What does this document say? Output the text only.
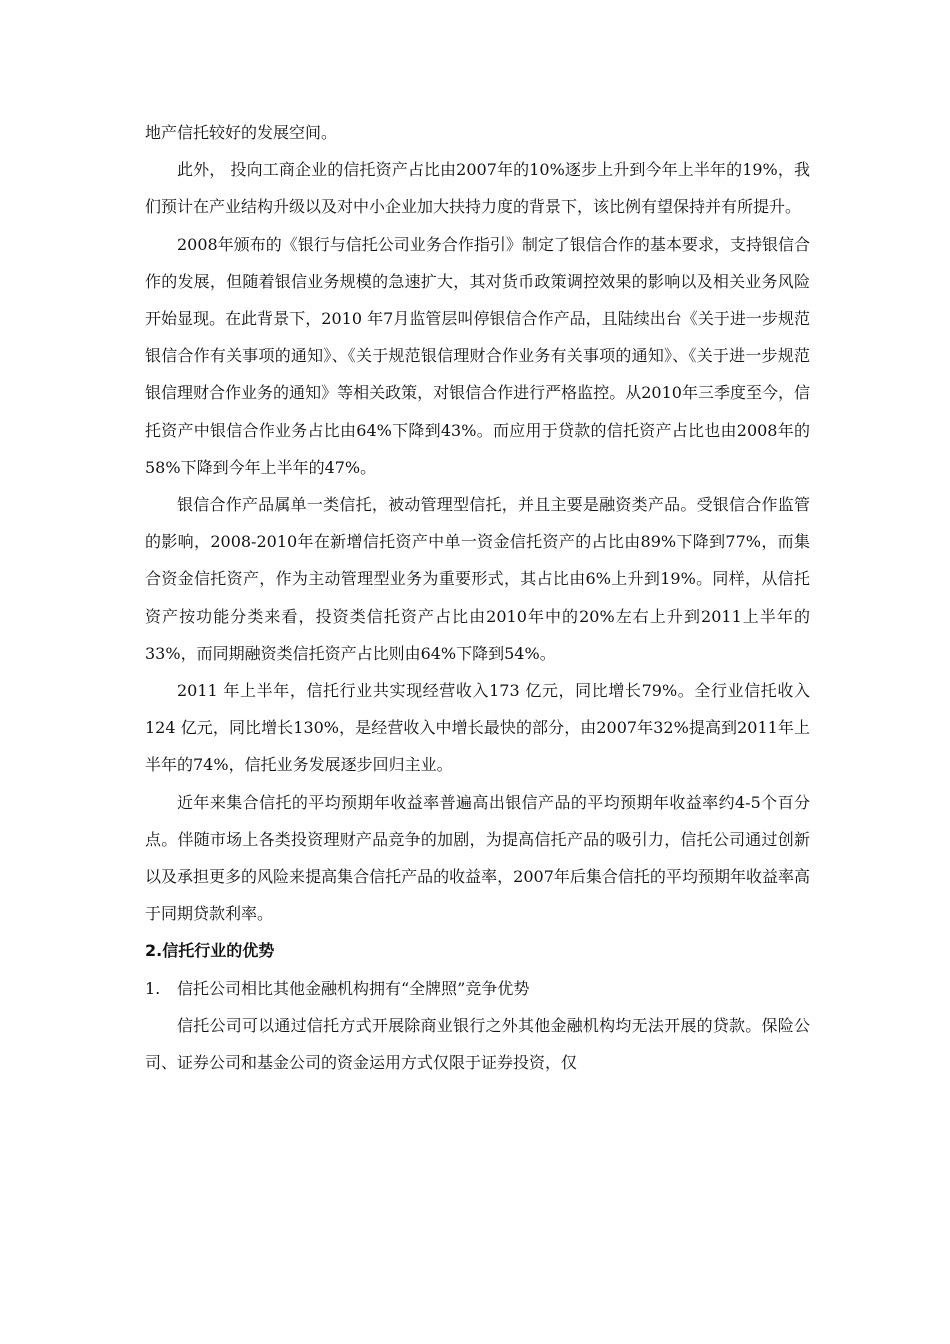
地产信托较好的发展空间。

此外， 投向工商企业的信托资产占比由2007年的10%逐步上升到今年上半年的19%，我们预计在产业结构升级以及对中小企业加大扶持力度的背景下，该比例有望保持并有所提升。

2008年颁布的《银行与信托公司业务合作指引》制定了银信合作的基本要求，支持银信合作的发展，但随着银信业务规模的急速扩大，其对货币政策调控效果的影响以及相关业务风险开始显现。在此背景下，2010 年7月监管层叫停银信合作产品，且陆续出台《关于进一步规范银信合作有关事项的通知》、《关于规范银信理财合作业务有关事项的通知》、《关于进一步规范银信理财合作业务的通知》等相关政策，对银信合作进行严格监控。从2010年三季度至今，信托资产中银信合作业务占比由64%下降到43%。而应用于贷款的信托资产占比也由2008年的58%下降到今年上半年的47%。

银信合作产品属单一类信托，被动管理型信托，并且主要是融资类产品。受银信合作监管的影响，2008-2010年在新增信托资产中单一资金信托资产的占比由89%下降到77%，而集合资金信托资产，作为主动管理型业务为重要形式，其占比由6%上升到19%。同样，从信托资产按功能分类来看，投资类信托资产占比由2010年中的20%左右上升到2011上半年的33%，而同期融资类信托资产占比则由64%下降到54%。

2011 年上半年，信托行业共实现经营收入173 亿元，同比增长79%。全行业信托收入124 亿元，同比增长130%，是经营收入中增长最快的部分，由2007年32%提高到2011年上半年的74%，信托业务发展逐步回归主业。

近年来集合信托的平均预期年收益率普遍高出银信产品的平均预期年收益率约4-5个百分点。伴随市场上各类投资理财产品竞争的加剧，为提高信托产品的吸引力，信托公司通过创新以及承担更多的风险来提高集合信托产品的收益率，2007年后集合信托的平均预期年收益率高于同期贷款利率。

2.信托行业的优势

1. 信托公司相比其他金融机构拥有“全牌照”竞争优势

信托公司可以通过信托方式开展除商业银行之外其他金融机构均无法开展的贷款。保险公司、证券公司和基金公司的资金运用方式仅限于证券投资，仅
